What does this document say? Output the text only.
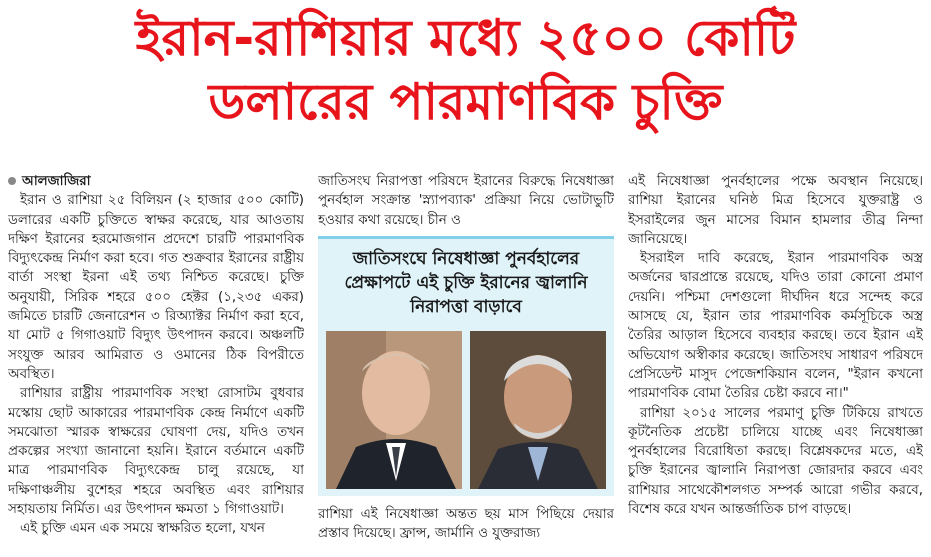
ইরান-রাশিয়ার মধ্যে ২৫০০ কোটি
ডলারের পারমাণবিক চুক্তি

আলজাজিরা

ইরান ও রাশিয়া ২৫ বিলিয়ন (২ হাজার ৫০০ কোটি) ডলারের একটি চুক্তিতে স্বাক্ষর করেছে, যার আওতায় দক্ষিণ ইরানের হরমোজগান প্রদেশে চারটি পারমাণবিক বিদ্যুৎকেন্দ্র নির্মাণ করা হবে। গত শুক্রবার ইরানের রাষ্ট্রীয় বার্তা সংস্থা ইরনা এই তথ্য নিশ্চিত করেছে। চুক্তি অনুযায়ী, সিরিক শহরে ৫০০ হেক্টর (১,২৩৫ একর) জমিতে চারটি জেনারেশন ৩ রিঅ্যাক্টর নির্মাণ করা হবে, যা মোট ৫ গিগাওয়াট বিদ্যুৎ উৎপাদন করবে। অঞ্চলটি সংযুক্ত আরব আমিরাত ও ওমানের ঠিক বিপরীতে অবস্থিত।

রাশিয়ার রাষ্ট্রীয় পারমাণবিক সংস্থা রোসাটম বুধবার মস্কোয় ছোট আকারের পারমাণবিক কেন্দ্র নির্মাণে একটি সমঝোতা স্মারক স্বাক্ষরের ঘোষণা দেয়, যদিও তখন প্রকল্পের সংখ্যা জানানো হয়নি। ইরানে বর্তমানে একটি মাত্র পারমাণবিক বিদ্যুৎকেন্দ্র চালু রয়েছে, যা দক্ষিণাঞ্চলীয় বুশেহর শহরে অবস্থিত এবং রাশিয়ার সহায়তায় নির্মিত। এর উৎপাদন ক্ষমতা ১ গিগাওয়াট।

এই চুক্তি এমন এক সময়ে স্বাক্ষরিত হলো, যখন

জাতিসংঘ নিরাপত্তা পরিষদে ইরানের বিরুদ্ধে নিষেধাজ্ঞা পুনর্বহাল সংক্রান্ত 'স্ন্যাপব্যাক' প্রক্রিয়া নিয়ে ভোটাভুটি হওয়ার কথা রয়েছে। চীন ও

রাশিয়া এই নিষেধাজ্ঞা অন্তত ছয় মাস পিছিয়ে দেয়ার প্রস্তাব দিয়েছে। ফ্রান্স, জার্মানি ও যুক্তরাজ্য

জাতিসংঘে নিষেধাজ্ঞা পুনর্বহালের প্রেক্ষাপটে এই চুক্তি ইরানের জ্বালানি নিরাপত্তা বাড়াবে

এই নিষেধাজ্ঞা পুনর্বহালের পক্ষে অবস্থান নিয়েছে। রাশিয়া ইরানের ঘনিষ্ঠ মিত্র হিসেবে যুক্তরাষ্ট্র ও ইসরাইলের জুন মাসের বিমান হামলার তীব্র নিন্দা জানিয়েছে।

ইসরাইল দাবি করেছে, ইরান পারমাণবিক অস্ত্র অর্জনের দ্বারপ্রান্তে রয়েছে, যদিও তারা কোনো প্রমাণ দেয়নি। পশ্চিমা দেশগুলো দীর্ঘদিন ধরে সন্দেহ করে আসছে যে, ইরান তার পারমাণবিক কর্মসূচিকে অস্ত্র তৈরির আড়াল হিসেবে ব্যবহার করছে। তবে ইরান এই অভিযোগ অস্বীকার করেছে। জাতিসংঘ সাধারণ পরিষদে প্রেসিডেন্ট মাসুদ পেজেশকিয়ান বলেন, "ইরান কখনো পারমাণবিক বোমা তৈরির চেষ্টা করবে না।"

রাশিয়া ২০১৫ সালের পরমাণু চুক্তি টিকিয়ে রাখতে কূটনৈতিক প্রচেষ্টা চালিয়ে যাচ্ছে এবং নিষেধাজ্ঞা পুনর্বহালের বিরোধিতা করছে। বিশ্লেষকদের মতে, এই চুক্তি ইরানের জ্বালানি নিরাপত্তা জোরদার করবে এবং রাশিয়ার সাথেকৌশলগত সম্পর্ক আরো গভীর করবে, বিশেষ করে যখন আন্তর্জাতিক চাপ বাড়ছে।
